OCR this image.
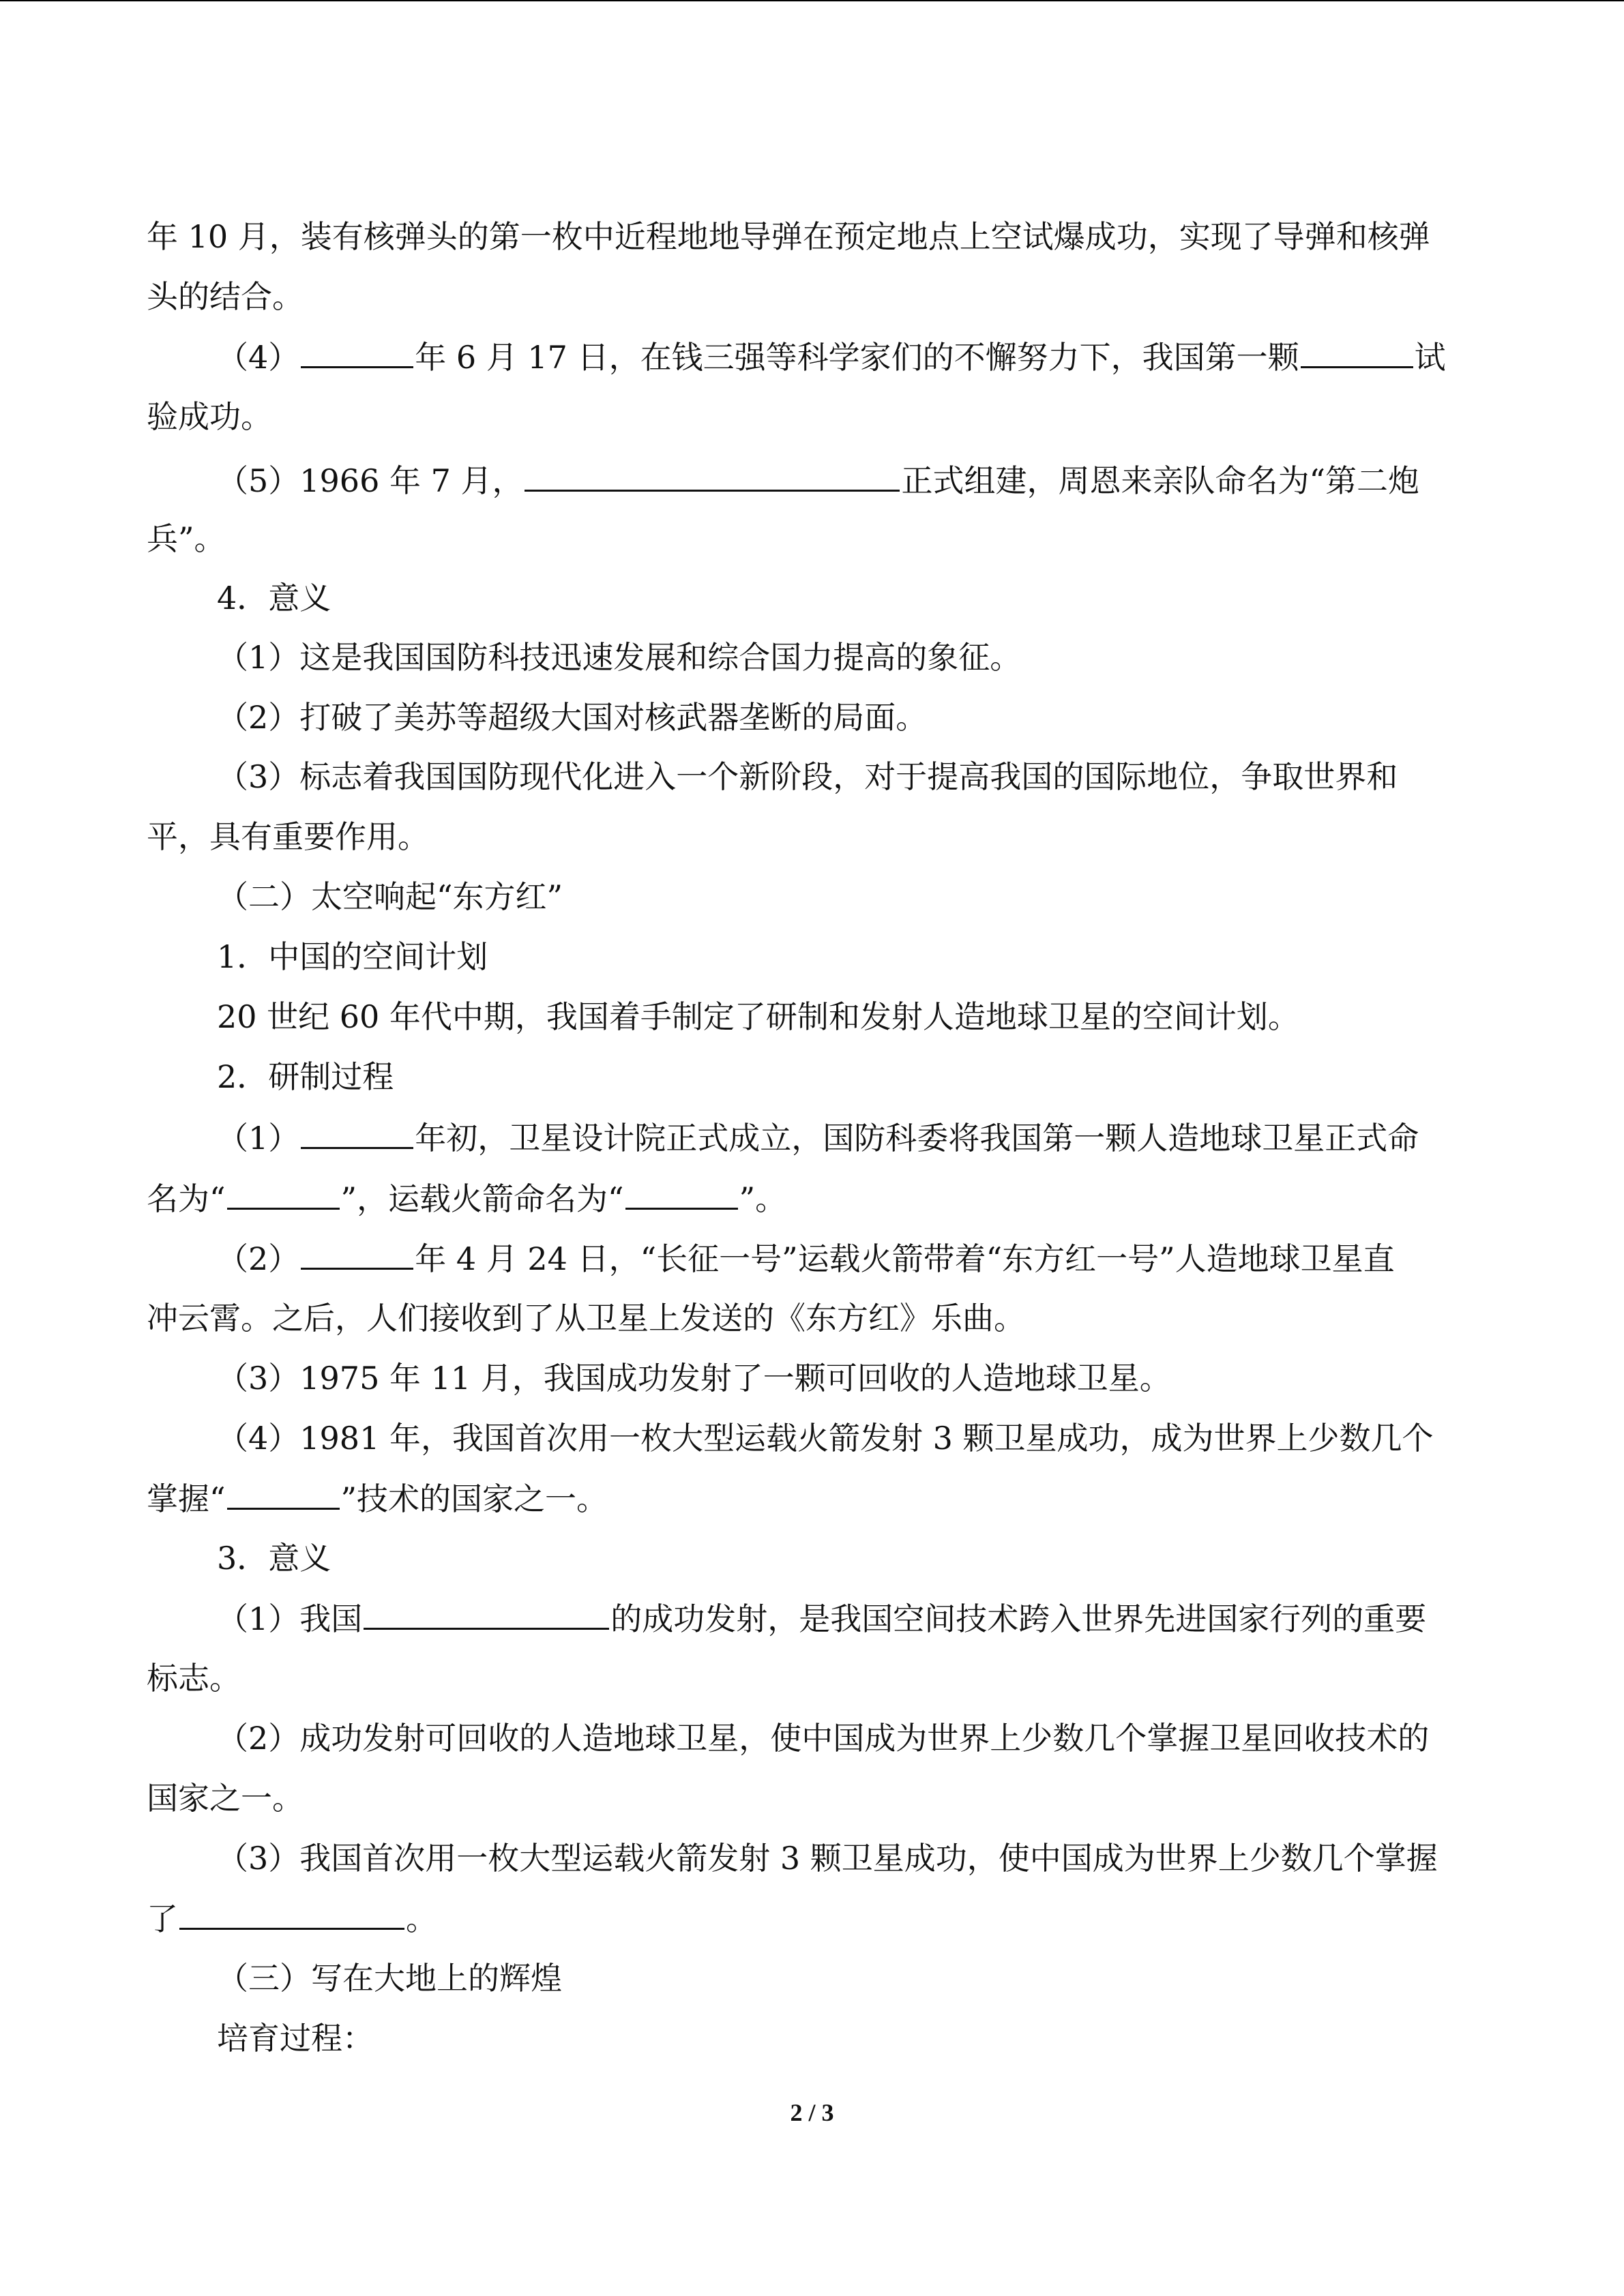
年 10 月，装有核弹头的第一枚中近程地地导弹在预定地点上空试爆成功，实现了导弹和核弹
头的结合。
（4）	年 6 月 17 日，在钱三强等科学家们的不懈努力下，我国第一颗	试
验成功。
（5）1966 年 7 月，	正式组建，周恩来亲队命名为“第二炮
兵”。
4．意义
（1）这是我国国防科技迅速发展和综合国力提高的象征。
（2）打破了美苏等超级大国对核武器垄断的局面。
（3）标志着我国国防现代化进入一个新阶段，对于提高我国的国际地位，争取世界和
平，具有重要作用。
（二）太空响起“东方红”
1．中国的空间计划
20 世纪 60 年代中期，我国着手制定了研制和发射人造地球卫星的空间计划。
2．研制过程
（1）	年初，卫星设计院正式成立，国防科委将我国第一颗人造地球卫星正式命
名为“	”，运载火箭命名为“	”。
（2）	年 4 月 24 日，“长征一号”运载火箭带着“东方红一号”人造地球卫星直
冲云霄。之后，人们接收到了从卫星上发送的《东方红》乐曲。
（3）1975 年 11 月，我国成功发射了一颗可回收的人造地球卫星。
（4）1981 年，我国首次用一枚大型运载火箭发射 3 颗卫星成功，成为世界上少数几个
掌握“	”技术的国家之一。
3．意义
（1）我国	的成功发射，是我国空间技术跨入世界先进国家行列的重要
标志。
（2）成功发射可回收的人造地球卫星，使中国成为世界上少数几个掌握卫星回收技术的
国家之一。
（3）我国首次用一枚大型运载火箭发射 3 颗卫星成功，使中国成为世界上少数几个掌握
了	。
（三）写在大地上的辉煌
培育过程：
2 / 3
